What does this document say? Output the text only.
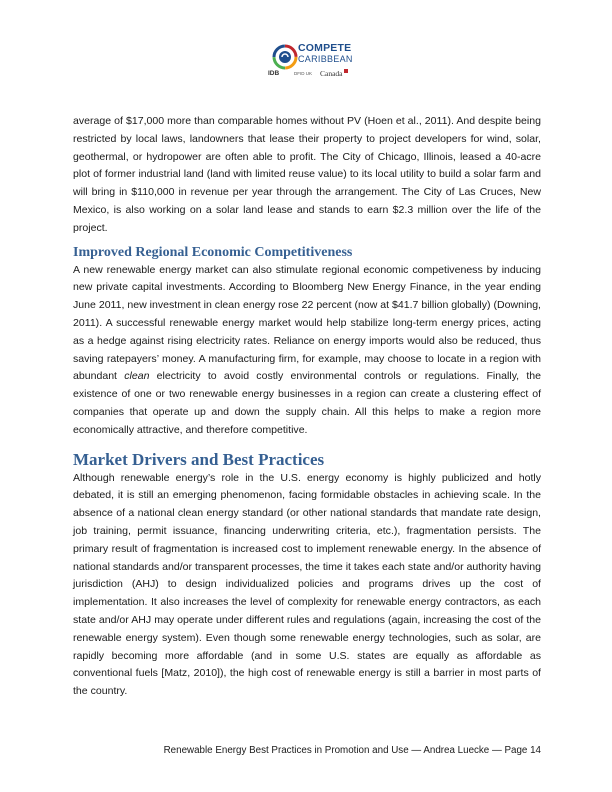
COMPETE
CARIBBEAN
IDB	DFID UK Canada

average of $17,000 more than comparable homes without PV (Hoen et al., 2011). And despite being restricted by local laws, landowners that lease their property to project developers for wind, solar, geothermal, or hydropower are often able to profit. The City of Chicago, Illinois, leased a 40-acre plot of former industrial land (land with limited reuse value) to its local utility to build a solar farm and will bring in $110,000 in revenue per year through the arrangement. The City of Las Cruces, New Mexico, is also working on a solar land lease and stands to earn $2.3 million over the life of the project.

Improved Regional Economic Competitiveness

A new renewable energy market can also stimulate regional economic competiveness by inducing new private capital investments. According to Bloomberg New Energy Finance, in the year ending June 2011, new investment in clean energy rose 22 percent (now at $41.7 billion globally) (Downing, 2011). A successful renewable energy market would help stabilize long-term energy prices, acting as a hedge against rising electricity rates. Reliance on energy imports would also be reduced, thus saving ratepayers’ money. A manufacturing firm, for example, may choose to locate in a region with abundant clean electricity to avoid costly environmental controls or regulations. Finally, the existence of one or two renewable energy businesses in a region can create a clustering effect of companies that operate up and down the supply chain. All this helps to make a region more economically attractive, and therefore competitive.

Market Drivers and Best Practices

Although renewable energy’s role in the U.S. energy economy is highly publicized and hotly debated, it is still an emerging phenomenon, facing formidable obstacles in achieving scale. In the absence of a national clean energy standard (or other national standards that mandate rate design, job training, permit issuance, financing underwriting criteria, etc.), fragmentation persists. The primary result of fragmentation is increased cost to implement renewable energy. In the absence of national standards and/or transparent processes, the time it takes each state and/or authority having jurisdiction (AHJ) to design individualized policies and programs drives up the cost of implementation. It also increases the level of complexity for renewable energy contractors, as each state and/or AHJ may operate under different rules and regulations (again, increasing the cost of the renewable energy system). Even though some renewable energy technologies, such as solar, are rapidly becoming more affordable (and in some U.S. states are equally as affordable as conventional fuels [Matz, 2010]), the high cost of renewable energy is still a barrier in most parts of the country.

Renewable Energy Best Practices in Promotion and Use — Andrea Luecke — Page 14
